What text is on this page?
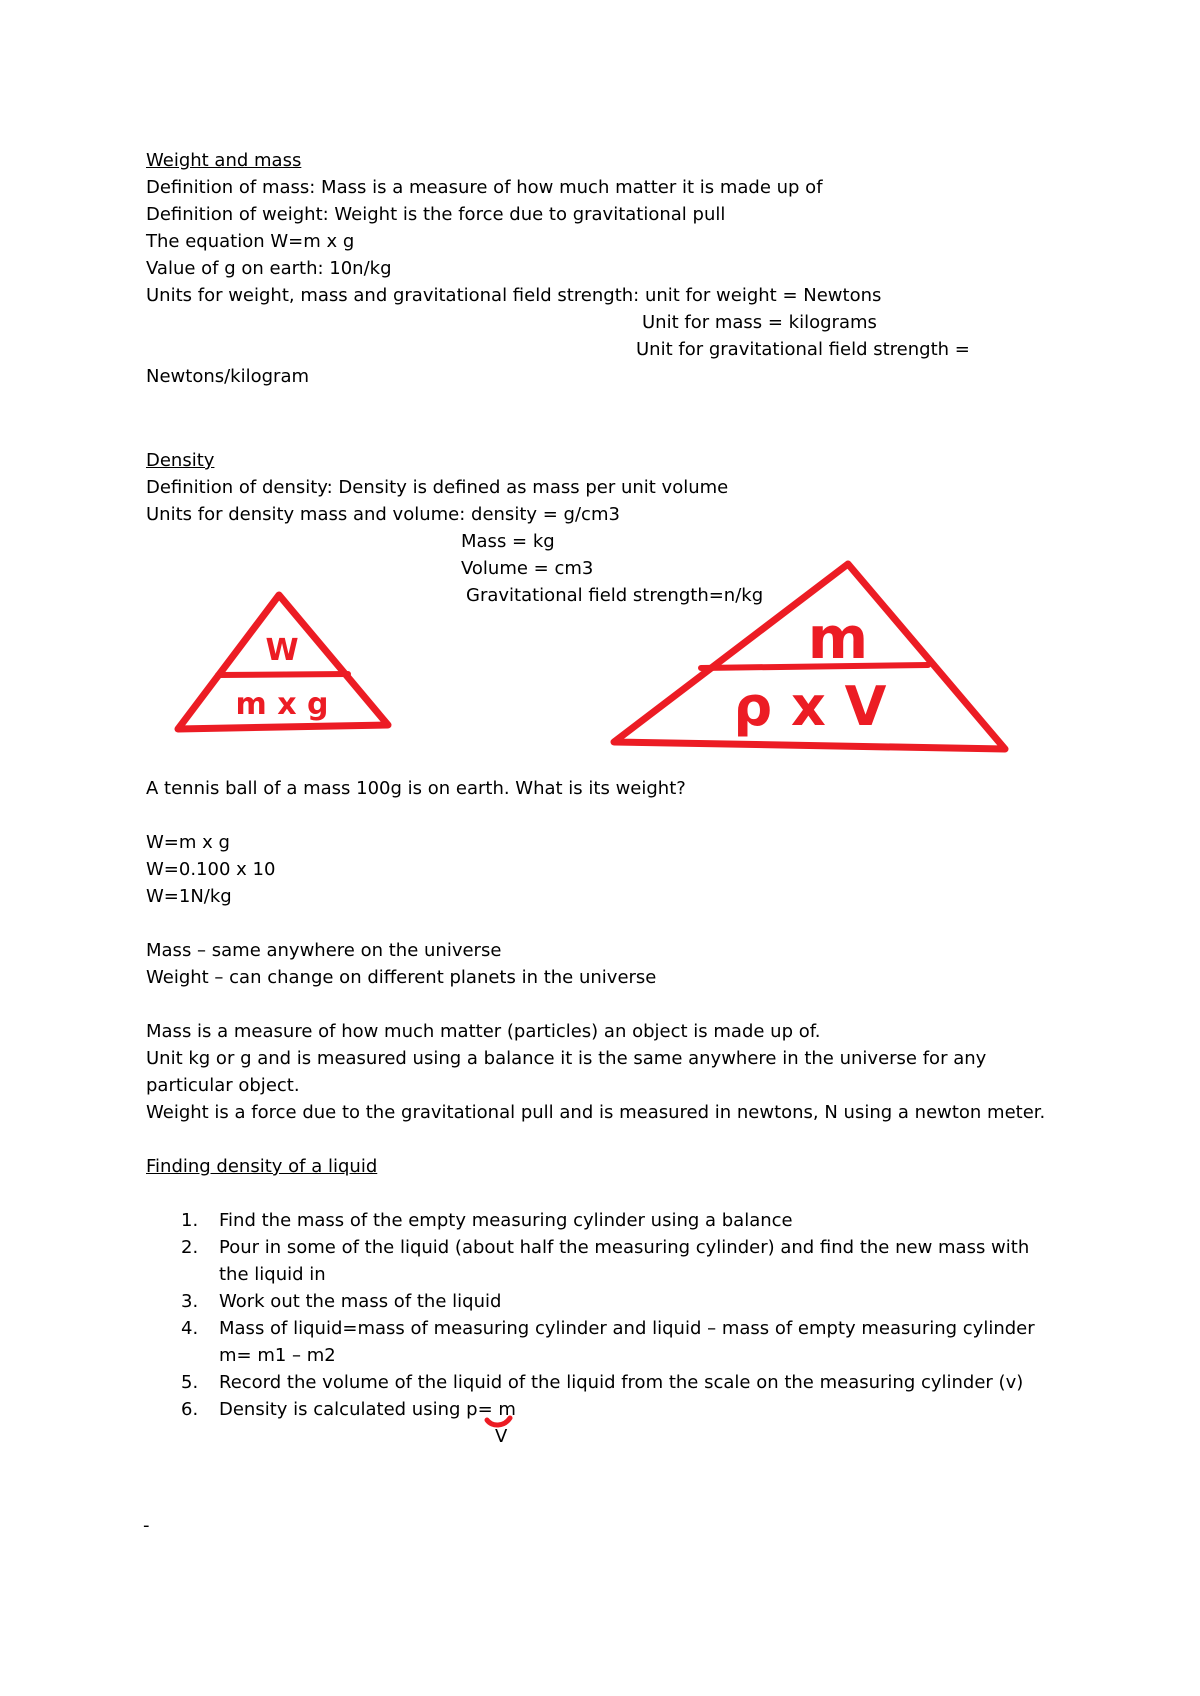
Weight and mass
Definition of mass: Mass is a measure of how much matter it is made up of
Definition of weight: Weight is the force due to gravitational pull
The equation W=m x g
Value of g on earth: 10n/kg
Units for weight, mass and gravitational field strength: unit for weight = Newtons
Unit for mass = kilograms
Unit for gravitational field strength =
Newtons/kilogram
Density
Definition of density: Density is defined as mass per unit volume
Units for density mass and volume: density = g/cm3
Mass = kg
Volume = cm3
Gravitational field strength=n/kg
W
m x g
m
ρ x V
A tennis ball of a mass 100g is on earth. What is its weight?
W=m x g
W=0.100 x 10
W=1N/kg
Mass – same anywhere on the universe
Weight – can change on different planets in the universe
Mass is a measure of how much matter (particles) an object is made up of.
Unit kg or g and is measured using a balance it is the same anywhere in the universe for any
particular object.
Weight is a force due to the gravitational pull and is measured in newtons, N using a newton meter.
Finding density of a liquid
1. Find the mass of the empty measuring cylinder using a balance
2. Pour in some of the liquid (about half the measuring cylinder) and find the new mass with the liquid in
3. Work out the mass of the liquid
4. Mass of liquid=mass of measuring cylinder and liquid – mass of empty measuring cylinder
m= m1 – m2
5. Record the volume of the liquid of the liquid from the scale on the measuring cylinder (v)
6. Density is calculated using p= m
V
-
